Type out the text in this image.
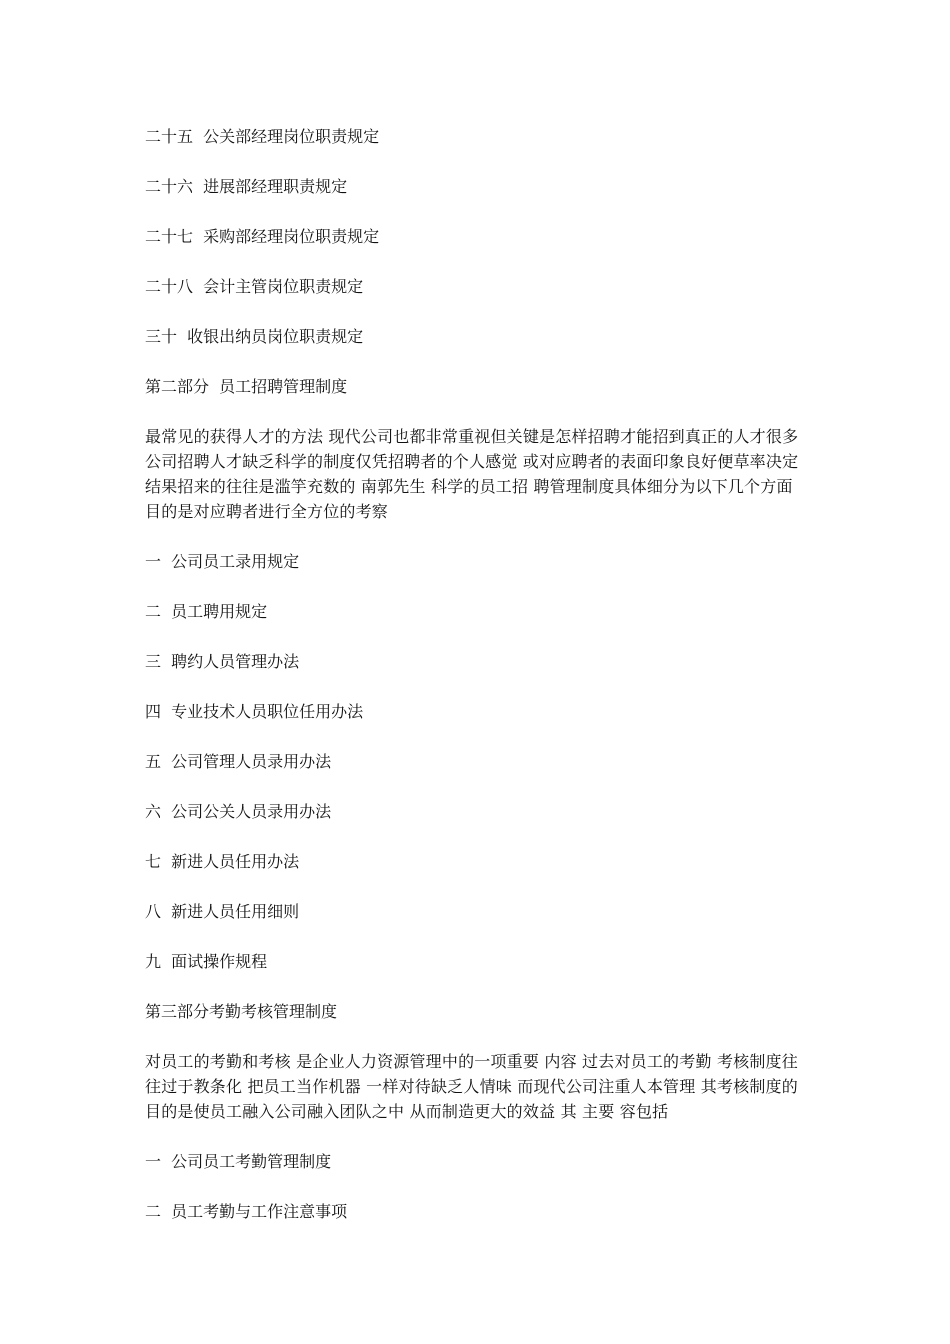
二十五  公关部经理岗位职责规定
二十六  进展部经理职责规定
二十七  采购部经理岗位职责规定
二十八  会计主管岗位职责规定
三十  收银出纳员岗位职责规定
第二部分  员工招聘管理制度
最常见的获得人才的方法 现代公司也都非常重视但关键是怎样招聘才能招到真正的人才很多公司招聘人才缺乏科学的制度仅凭招聘者的个人感觉 或对应聘者的表面印象良好便草率决定结果招来的往往是滥竽充数的 南郭先生 科学的员工招 聘管理制度具体细分为以下几个方面 目的是对应聘者进行全方位的考察
一  公司员工录用规定
二  员工聘用规定
三  聘约人员管理办法
四  专业技术人员职位任用办法
五  公司管理人员录用办法
六  公司公关人员录用办法
七  新进人员任用办法
八  新进人员任用细则
九  面试操作规程
第三部分考勤考核管理制度
对员工的考勤和考核 是企业人力资源管理中的一项重要 内容 过去对员工的考勤 考核制度往往过于教条化 把员工当作机器 一样对待缺乏人情味 而现代公司注重人本管理 其考核制度的 目的是使员工融入公司融入团队之中 从而制造更大的效益 其 主要 容包括
一  公司员工考勤管理制度
二  员工考勤与工作注意事项
